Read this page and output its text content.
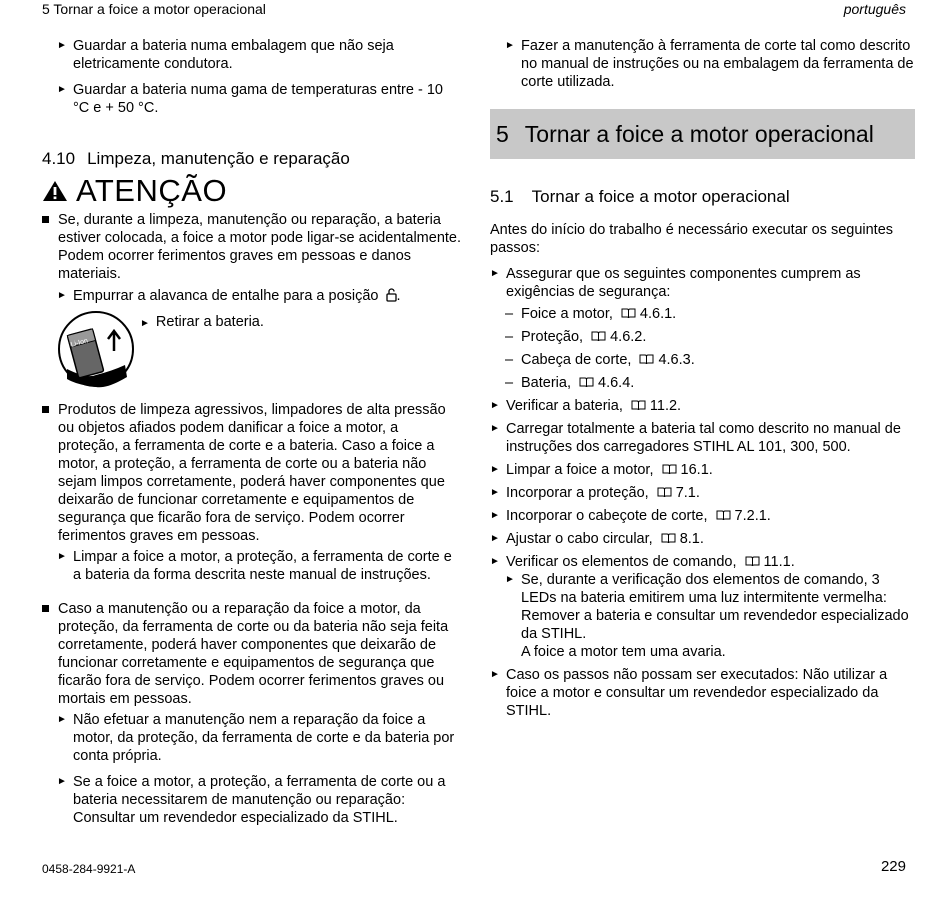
5 Tornar a foice a motor operacional	português
► Guardar a bateria numa embalagem que não seja eletricamente condutora.
► Guardar a bateria numa gama de temperaturas entre - 10 °C e + 50 °C.
4.10 Limpeza, manutenção e reparação
ATENÇÃO
Se, durante a limpeza, manutenção ou reparação, a bateria estiver colocada, a foice a motor pode ligar-se acidentalmente. Podem ocorrer ferimentos graves em pessoas e danos materiais.
► Empurrar a alavanca de entalhe para a posição .
Li-Ion
► Retirar a bateria.
Produtos de limpeza agressivos, limpadores de alta pressão ou objetos afiados podem danificar a foice a motor, a proteção, a ferramenta de corte e a bateria. Caso a foice a motor, a proteção, a ferramenta de corte ou a bateria não sejam limpos corretamente, poderá haver componentes que deixarão de funcionar corretamente e equipamentos de segurança que ficarão fora de serviço. Podem ocorrer ferimentos graves em pessoas.
► Limpar a foice a motor, a proteção, a ferramenta de corte e a bateria da forma descrita neste manual de instruções.
Caso a manutenção ou a reparação da foice a motor, da proteção, da ferramenta de corte ou da bateria não seja feita corretamente, poderá haver componentes que deixarão de funcionar corretamente e equipamentos de segurança que ficarão fora de serviço. Podem ocorrer ferimentos graves ou mortais em pessoas.
► Não efetuar a manutenção nem a reparação da foice a motor, da proteção, da ferramenta de corte e da bateria por conta própria.
► Se a foice a motor, a proteção, a ferramenta de corte ou a bateria necessitarem de manutenção ou reparação: Consultar um revendedor especializado da STIHL.
► Fazer a manutenção à ferramenta de corte tal como descrito no manual de instruções ou na embalagem da ferramenta de corte utilizada.
5 Tornar a foice a motor operacional
5.1 Tornar a foice a motor operacional

Antes do início do trabalho é necessário executar os seguintes passos:

► Assegurar que os seguintes componentes cumprem as exigências de segurança:
– Foice a motor, 4.6.1.
– Proteção, 4.6.2.
– Cabeça de corte, 4.6.3.
– Bateria, 4.6.4.
► Verificar a bateria, 11.2.
► Carregar totalmente a bateria tal como descrito no manual de instruções dos carregadores STIHL AL 101, 300, 500.
► Limpar a foice a motor, 16.1.
► Incorporar a proteção, 7.1.
► Incorporar o cabeçote de corte, 7.2.1.
► Ajustar o cabo circular, 8.1.
► Verificar os elementos de comando, 11.1.
► Se, durante a verificação dos elementos de comando, 3 LEDs na bateria emitirem uma luz intermitente vermelha: Remover a bateria e consultar um revendedor especializado da STIHL.
A foice a motor tem uma avaria.
► Caso os passos não possam ser executados: Não utilizar a foice a motor e consultar um revendedor especializado da STIHL.
0458-284-9921-A	229
